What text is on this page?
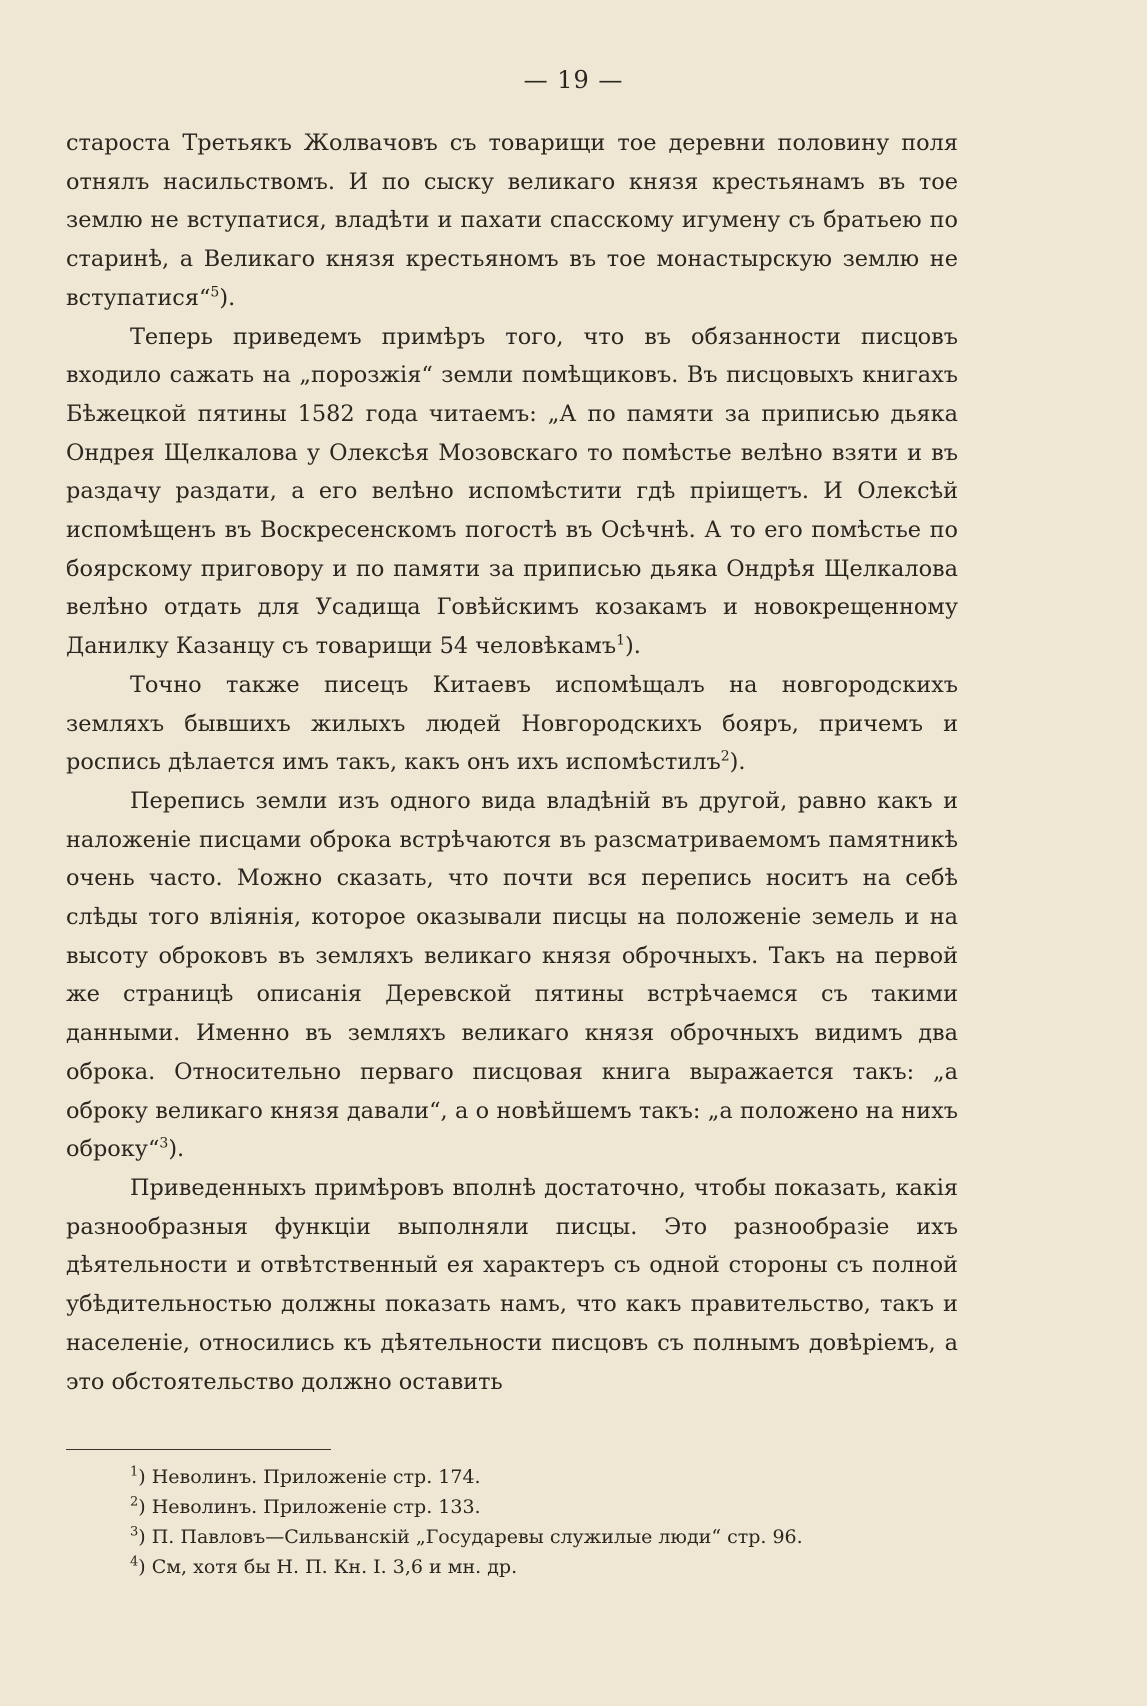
— 19 —

староста Третьякъ Жолвачовъ съ товарищи тое деревни половину поля отнялъ насильствомъ. И по сыску великаго князя крестьянамъ въ тое землю не вступатися, владѣти и пахати спасскому игумену съ братьею по старинѣ, а Великаго князя крестьяномъ въ тое монастырскую землю не вступатися“$^5$).

Теперь приведемъ примѣръ того, что въ обязанности писцовъ входило сажать на „порозжія“ земли помѣщиковъ. Въ писцовыхъ книгахъ Бѣжецкой пятины 1582 года читаемъ: „А по памяти за приписью дьяка Ондрея Щелкалова у Олексѣя Мозовскаго то помѣстье велѣно взяти и въ раздачу раздати, а его велѣно испомѣстити гдѣ пріищетъ. И Олексѣй испомѣщенъ въ Воскресенскомъ погостѣ въ Осѣчнѣ. А то его помѣстье по боярскому приговору и по памяти за приписью дьяка Ондрѣя Щелкалова велѣно отдать для Усадища Говѣйскимъ козакамъ и новокрещенному Данилку Казанцу съ товарищи 54 человѣкамъ$^1$).

Точно также писецъ Китаевъ испомѣщалъ на новгородскихъ земляхъ бывшихъ жилыхъ людей Новгородскихъ бояръ, причемъ и роспись дѣлается имъ такъ, какъ онъ ихъ испомѣстилъ$^2$).

Перепись земли изъ одного вида владѣній въ другой, равно какъ и наложеніе писцами оброка встрѣчаются въ разсматриваемомъ памятникѣ очень часто. Можно сказать, что почти вся перепись носитъ на себѣ слѣды того вліянія, которое оказывали писцы на положеніе земель и на высоту оброковъ въ земляхъ великаго князя оброчныхъ. Такъ на первой же страницѣ описанія Деревской пятины встрѣчаемся съ такими данными. Именно въ земляхъ великаго князя оброчныхъ видимъ два оброка. Относительно перваго писцовая книга выражается такъ: „а оброку великаго князя давали“, а о новѣйшемъ такъ: „а положено на нихъ оброку“$^3$).

Приведенныхъ примѣровъ вполнѣ достаточно, чтобы показать, какія разнообразныя функціи выполняли писцы. Это разнообразіе ихъ дѣятельности и отвѣтственный ея характеръ съ одной стороны съ полной убѣдительностью должны показать намъ, что какъ правительство, такъ и населеніе, относились къ дѣятельности писцовъ съ полнымъ довѣріемъ, а это обстоятельство должно оставить

$^1$) Неволинъ. Приложеніе стр. 174.

$^2$) Неволинъ. Приложеніе стр. 133.

$^3$) П. Павловъ—Сильванскій „Государевы служилые люди“ стр. 96.

$^4$) См, хотя бы Н. П. Кн. I. 3,6 и мн. др.
